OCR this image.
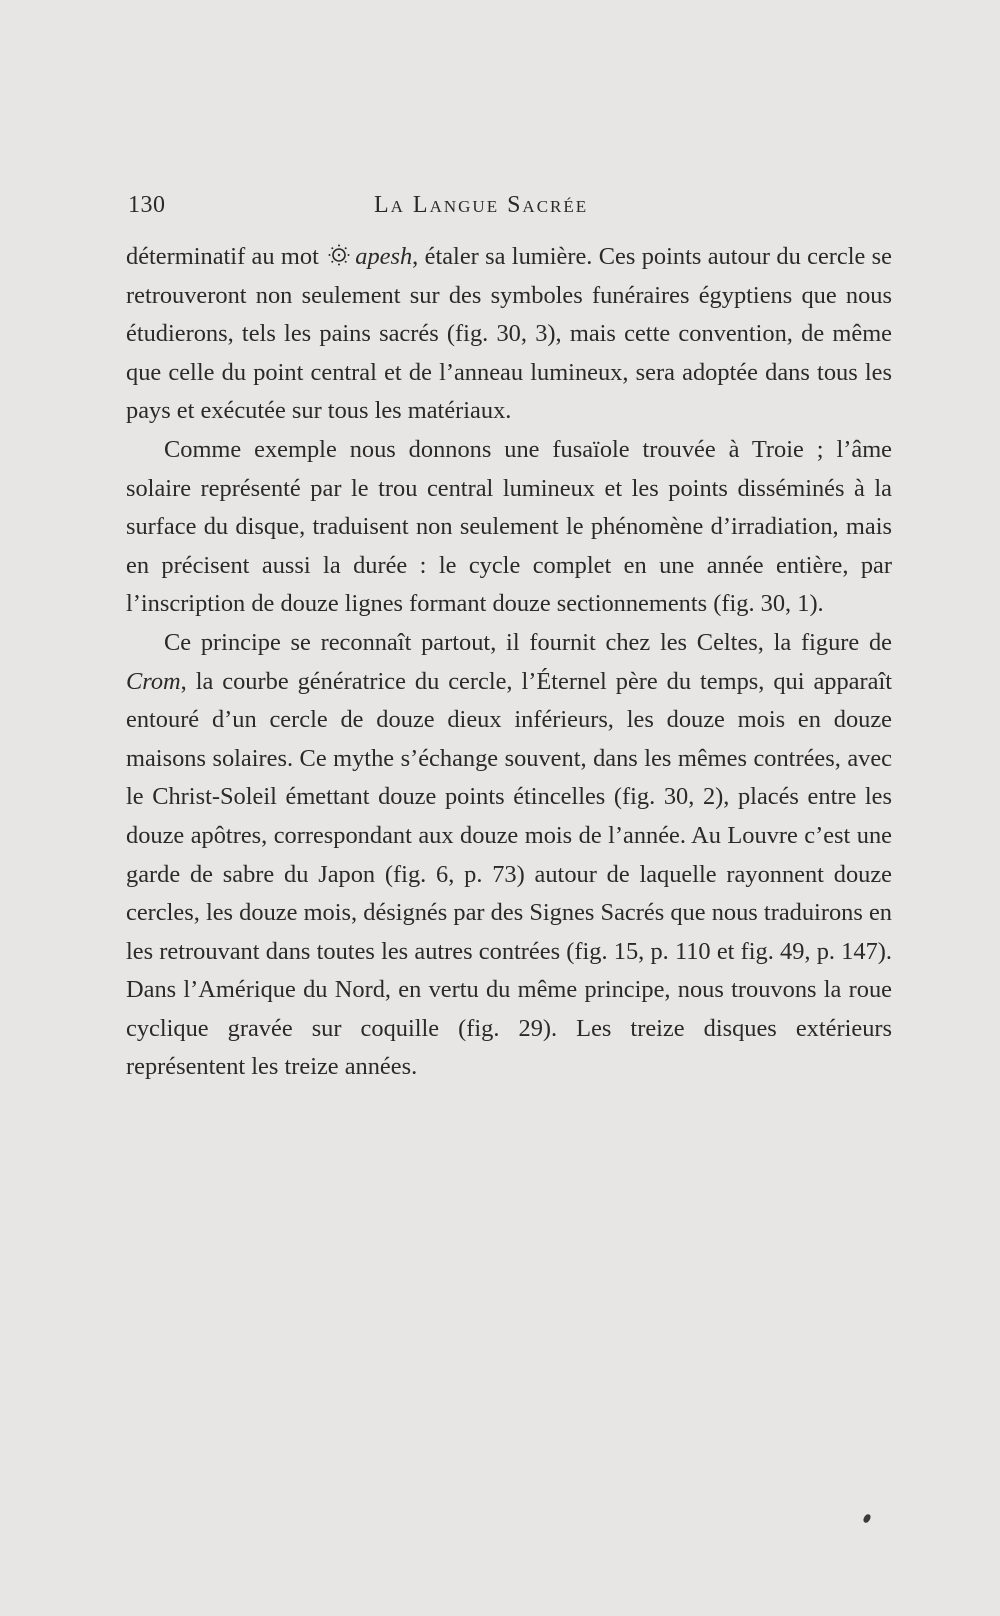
130	La Langue Sacrée

déterminatif au mot
apesh, étaler sa lumière. Ces points autour du cercle se retrouveront non seulement sur des symboles funéraires égyptiens que nous étudierons, tels les pains sacrés (fig. 30, 3), mais cette convention, de même que celle du point central et de l’anneau lumineux, sera adoptée dans tous les pays et exécutée sur tous les matériaux.

Comme exemple nous donnons une fusaïole trouvée à Troie ; l’âme solaire représenté par le trou central lumineux et les points disséminés à la surface du disque, traduisent non seulement le phénomène d’irradiation, mais en précisent aussi la durée : le cycle complet en une année entière, par l’inscription de douze lignes formant douze sectionnements (fig. 30, 1).

Ce principe se reconnaît partout, il fournit chez les Celtes, la figure de Crom, la courbe génératrice du cercle, l’Éternel père du temps, qui apparaît entouré d’un cercle de douze dieux inférieurs, les douze mois en douze maisons solaires. Ce mythe s’échange souvent, dans les mêmes contrées, avec le Christ-Soleil émettant douze points étincelles (fig. 30, 2), placés entre les douze apôtres, correspondant aux douze mois de l’année. Au Louvre c’est une garde de sabre du Japon (fig. 6, p. 73) autour de laquelle rayonnent douze cercles, les douze mois, désignés par des Signes Sacrés que nous traduirons en les retrouvant dans toutes les autres contrées (fig. 15, p. 110 et fig. 49, p. 147). Dans l’Amérique du Nord, en vertu du même principe, nous trouvons la roue cyclique gravée sur coquille (fig. 29). Les treize disques extérieurs représentent les treize années.
